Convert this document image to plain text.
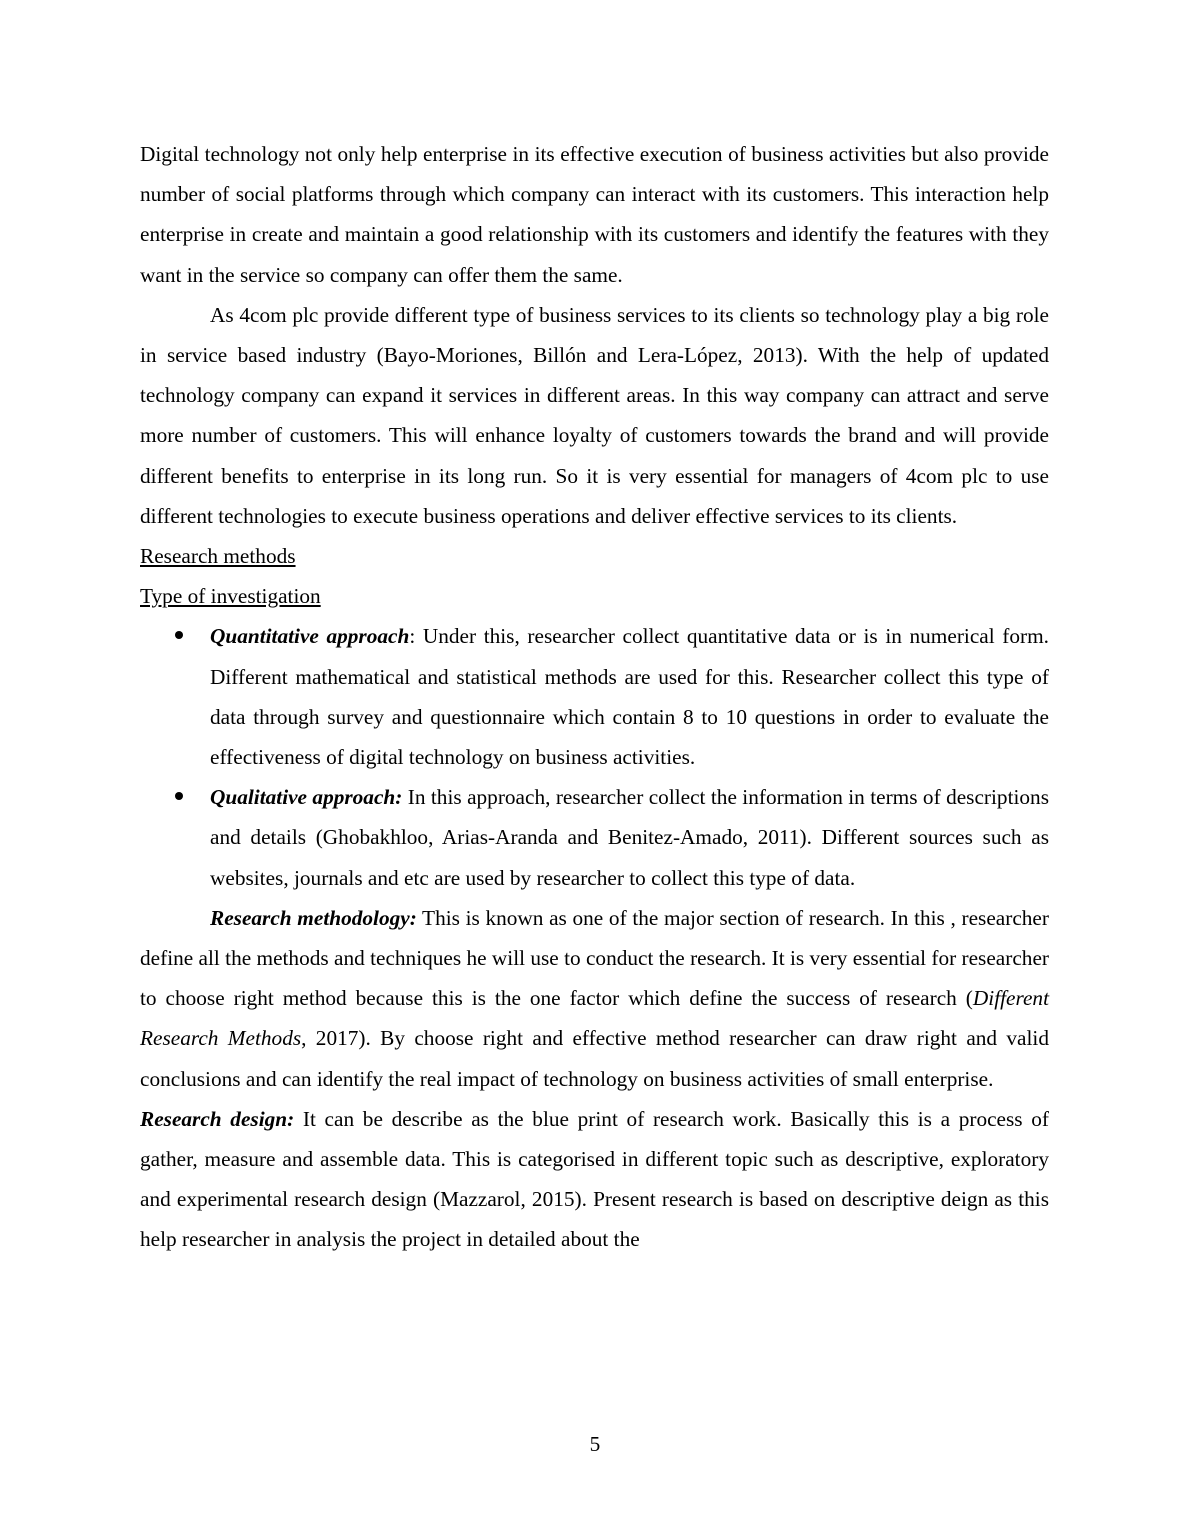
Digital technology not only help enterprise in its effective execution of business activities but also provide number of social platforms through which company can interact with its customers. This interaction help enterprise in create and maintain a good relationship with its customers and identify the features with they want in the service so company can offer them the same.

As 4com plc provide different type of business services to its clients so technology play a big role in service based industry (Bayo-Moriones, Billón and Lera-López, 2013). With the help of updated technology company can expand it services in different areas. In this way company can attract and serve more number of customers. This will enhance loyalty of customers towards the brand and will provide different benefits to enterprise in its long run. So it is very essential for managers of 4com plc to use different technologies to execute business operations and deliver effective services to its clients.

Research methods

Type of investigation

Quantitative approach: Under this, researcher collect quantitative data or is in numerical form. Different mathematical and statistical methods are used for this. Researcher collect this type of data through survey and questionnaire which contain 8 to 10 questions in order to evaluate the effectiveness of digital technology on business activities.
Qualitative approach: In this approach, researcher collect the information in terms of descriptions and details (Ghobakhloo, Arias-Aranda and Benitez-Amado, 2011). Different sources such as websites, journals and etc are used by researcher to collect this type of data.

Research methodology: This is known as one of the major section of research. In this , researcher define all the methods and techniques he will use to conduct the research. It is very essential for researcher to choose right method because this is the one factor which define the success of research (Different Research Methods, 2017). By choose right and effective method researcher can draw right and valid conclusions and can identify the real impact of technology on business activities of small enterprise.

Research design: It can be describe as the blue print of research work. Basically this is a process of gather, measure and assemble data. This is categorised in different topic such as descriptive, exploratory and experimental research design (Mazzarol, 2015). Present research is based on descriptive deign as this help researcher in analysis the project in detailed about the

5
